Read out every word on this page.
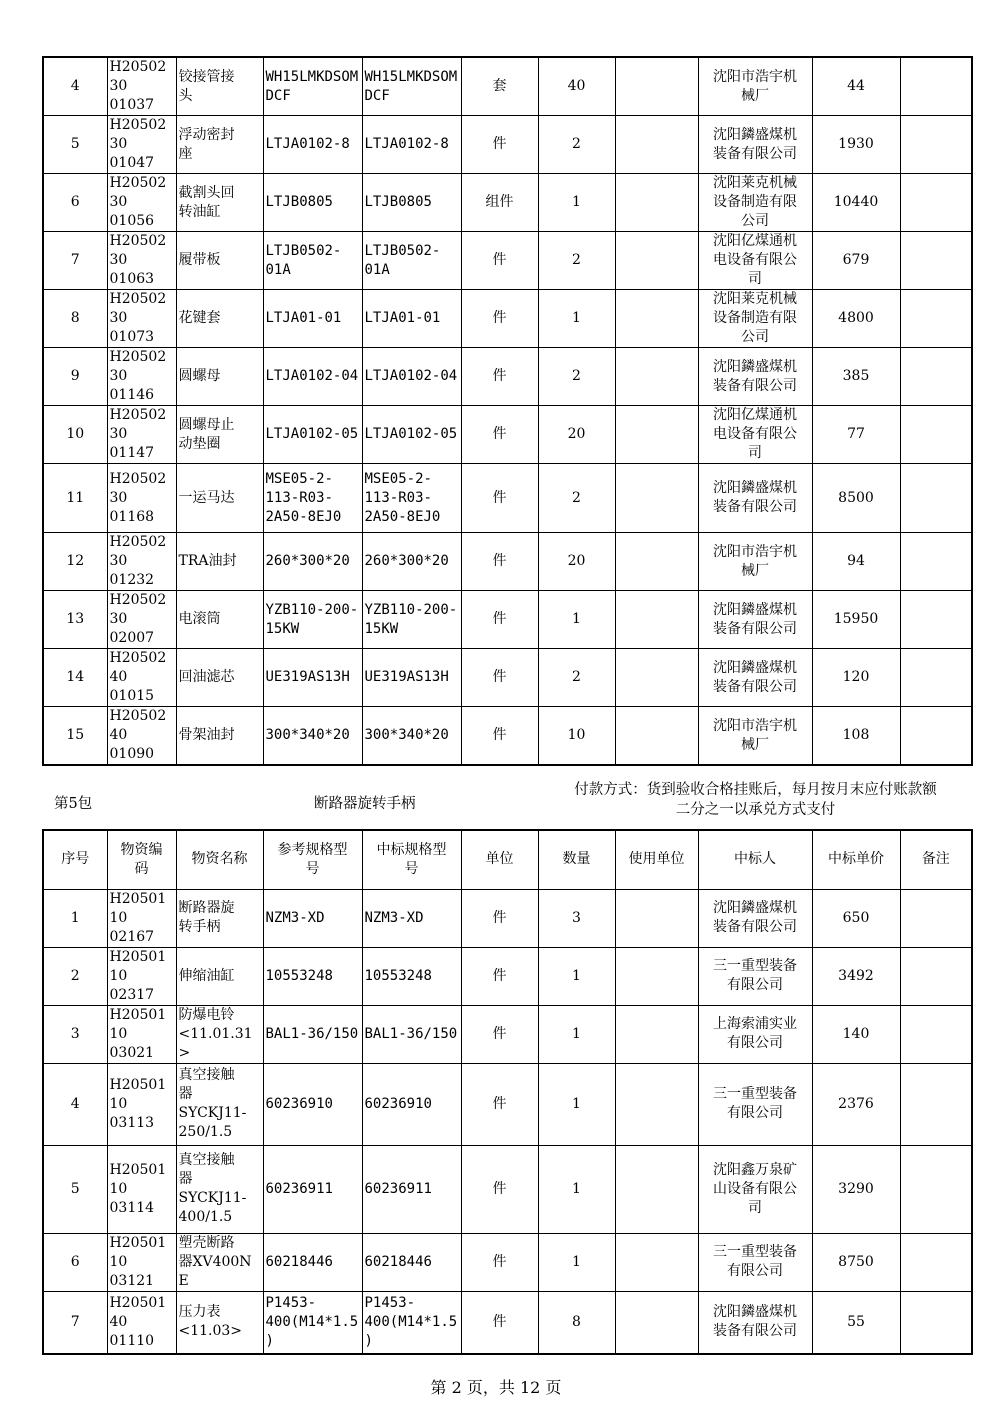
4	H2050230
01037	铰接管接
头	WH15LMKDSOM
DCF	WH15LMKDSOM
DCF	套	40		沈阳市浩宇机
械厂	44	
5	H2050230
01047	浮动密封
座	LTJA0102-8	LTJA0102-8	件	2		沈阳鏻盛煤机
装备有限公司	1930	
6	H2050230
01056	截割头回
转油缸	LTJB0805	LTJB0805	组件	1		沈阳莱克机械
设备制造有限
公司	10440	
7	H2050230
01063	履带板	LTJB0502-
01A	LTJB0502-
01A	件	2		沈阳亿煤通机
电设备有限公
司	679	
8	H2050230
01073	花键套	LTJA01-01	LTJA01-01	件	1		沈阳莱克机械
设备制造有限
公司	4800	
9	H2050230
01146	圆螺母	LTJA0102-04	LTJA0102-04	件	2		沈阳鏻盛煤机
装备有限公司	385	
10	H2050230
01147	圆螺母止
动垫圈	LTJA0102-05	LTJA0102-05	件	20		沈阳亿煤通机
电设备有限公
司	77	
11	H2050230
01168	一运马达	MSE05-2-
113-R03-
2A50-8EJ0	MSE05-2-
113-R03-
2A50-8EJ0	件	2		沈阳鏻盛煤机
装备有限公司	8500	
12	H2050230
01232	TRA油封	260*300*20	260*300*20	件	20		沈阳市浩宇机
械厂	94	
13	H2050230
02007	电滚筒	YZB110-200-
15KW	YZB110-200-
15KW	件	1		沈阳鏻盛煤机
装备有限公司	15950	
14	H2050240
01015	回油滤芯	UE319AS13H	UE319AS13H	件	2		沈阳鏻盛煤机
装备有限公司	120	
15	H2050240
01090	骨架油封	300*340*20	300*340*20	件	10		沈阳市浩宇机
械厂	108	
第5包	断路器旋转手柄
付款方式：货到验收合格挂账后，每月按月末应付账款额
二分之一以承兑方式支付
序号	物资编
码	物资名称	参考规格型
号	中标规格型
号	单位	数量	使用单位	中标人	中标单价	备注
1	H2050110
02167	断路器旋
转手柄	NZM3-XD	NZM3-XD	件	3		沈阳鏻盛煤机
装备有限公司	650	
2	H2050110
02317	伸缩油缸	10553248	10553248	件	1		三一重型装备
有限公司	3492	
3	H2050110
03021	防爆电铃
<11.01.31
>	BAL1-36/150	BAL1-36/150	件	1		上海索浦实业
有限公司	140	
4	H2050110
03113	真空接触
器
SYCKJ11-
250/1.5	60236910	60236910	件	1		三一重型装备
有限公司	2376	
5	H2050110
03114	真空接触
器
SYCKJ11-
400/1.5	60236911	60236911	件	1		沈阳鑫万泉矿
山设备有限公
司	3290	
6	H2050110
03121	塑壳断路
器XV400NE	60218446	60218446	件	1		三一重型装备
有限公司	8750	
7	H2050140
01110	压力表
<11.03>	P1453-
400(M14*1.5
)	P1453-
400(M14*1.5
)	件	8		沈阳鏻盛煤机
装备有限公司	55	
第 2 页，共 12 页
